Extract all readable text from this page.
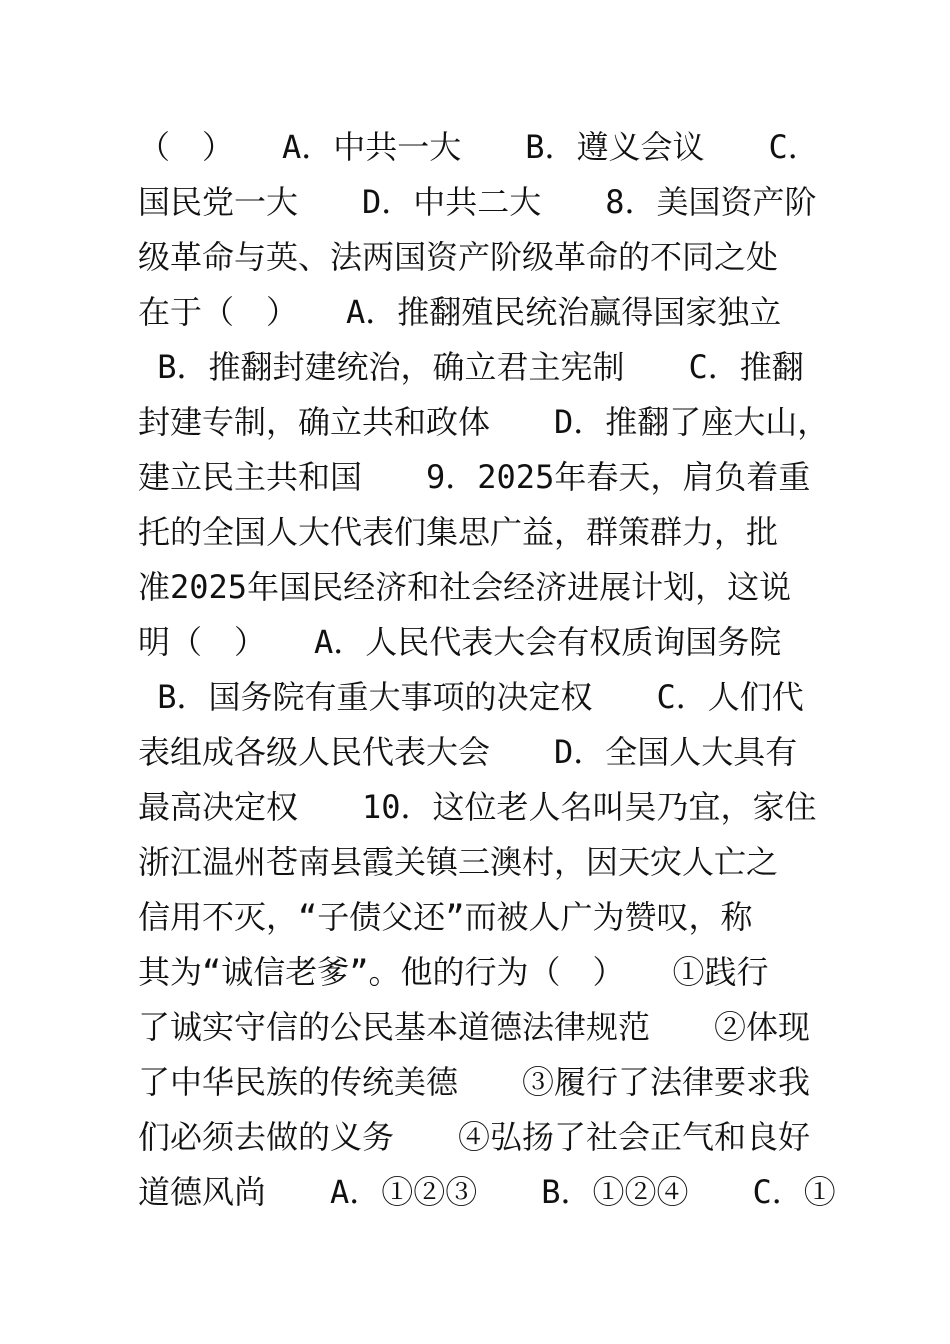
（　）　　A．中共一大　　B．遵义会议　　C．
国民党一大　　D．中共二大　　8．美国资产阶
级革命与英、法两国资产阶级革命的不同之处
在于（　）　　A．推翻殖民统治赢得国家独立
B．推翻封建统治，确立君主宪制　　C．推翻
封建专制，确立共和政体　　D．推翻了座大山，
建立民主共和国　　9．2025年春天，肩负着重
托的全国人大代表们集思广益，群策群力，批
准2025年国民经济和社会经济进展计划，这说
明（　）　　A．人民代表大会有权质询国务院
B．国务院有重大事项的决定权　　C．人们代
表组成各级人民代表大会　　D．全国人大具有
最高决定权　　10．这位老人名叫吴乃宜，家住
浙江温州苍南县霞关镇三澳村，因天灾人亡之
信用不灭，“子债父还”而被人广为赞叹，称
其为“诚信老爹”。他的行为（　）　　①践行
了诚实守信的公民基本道德法律规范　　②体现
了中华民族的传统美德　　③履行了法律要求我
们必须去做的义务　　④弘扬了社会正气和良好
道德风尚　　A．①②③　　B．①②④　　C．①
